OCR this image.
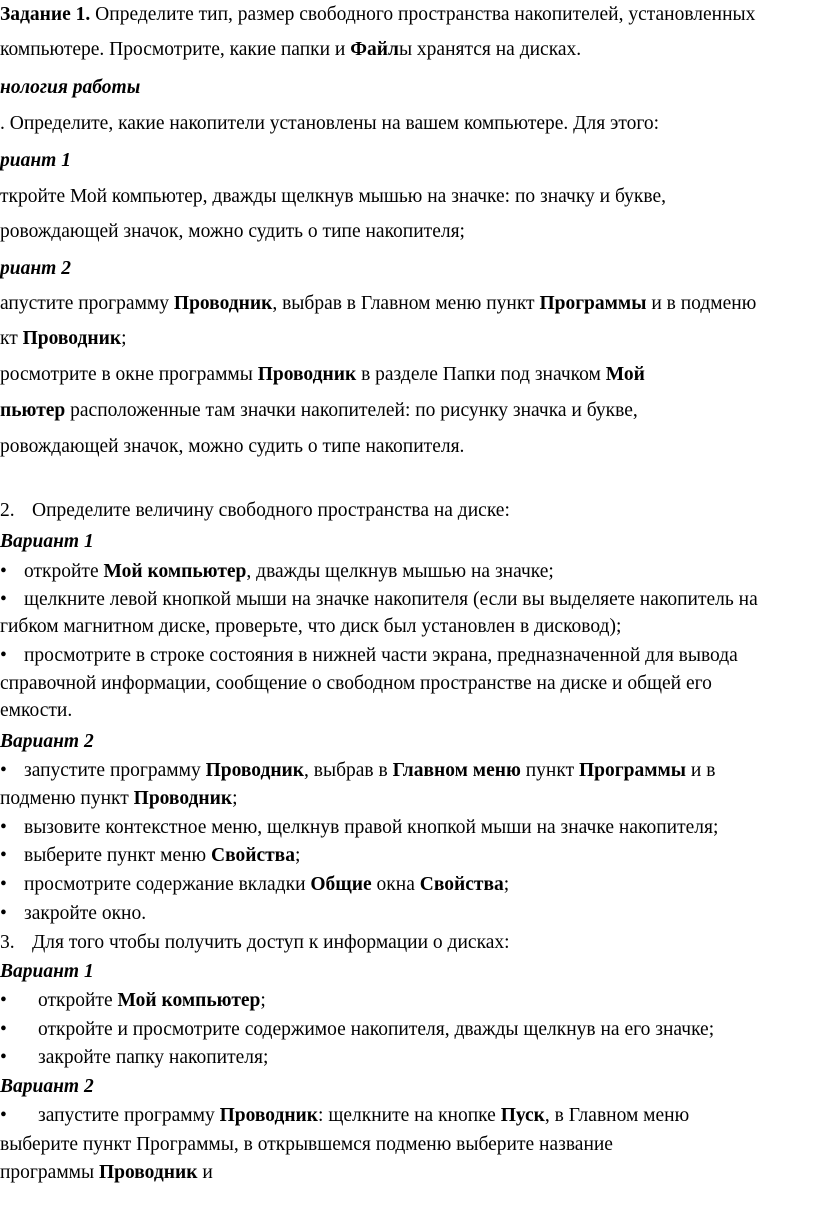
Задание 1. Определите тип, размер свободного пространства накопителей, установленных
компьютере. Просмотрите, какие папки и Файлы хранятся на дисках.
нология работы
. Определите, какие накопители установлены на вашем компьютере. Для этого:
риант 1
ткройте Мой компьютер, дважды щелкнув мышью на значке: по значку и букве,
ровождающей значок, можно судить о типе накопителя;
риант 2
апустите программу Проводник, выбрав в Главном меню пункт Программы и в подменю
кт Проводник;
росмотрите в окне программы Проводник в разделе Папки под значком Мой
пьютер расположенные там значки накопителей: по рисунку значка и букве,
ровождающей значок, можно судить о типе накопителя.
2. Определите величину свободного пространства на диске:
Вариант 1
• откройте Мой компьютер, дважды щелкнув мышью на значке;
• щелкните левой кнопкой мыши на значке накопителя (если вы выделяете накопитель на
гибком магнитном диске, проверьте, что диск был установлен в дисковод);
• просмотрите в строке состояния в нижней части экрана, предназначенной для вывода
справочной информации, сообщение о свободном пространстве на диске и общей его
емкости.
Вариант 2
• запустите программу Проводник, выбрав в Главном меню пункт Программы и в
подменю пункт Проводник;
• вызовите контекстное меню, щелкнув правой кнопкой мыши на значке накопителя;
• выберите пункт меню Свойства;
• просмотрите содержание вкладки Общие окна Свойства;
• закройте окно.
3. Для того чтобы получить доступ к информации о дисках:
Вариант 1
• откройте Мой компьютер;
• откройте и просмотрите содержимое накопителя, дважды щелкнув на его значке;
• закройте папку накопителя;
Вариант 2
• запустите программу Проводник: щелкните на кнопке Пуск, в Главном меню
выберите пункт Программы, в открывшемся подменю выберите название
программы Проводник и
